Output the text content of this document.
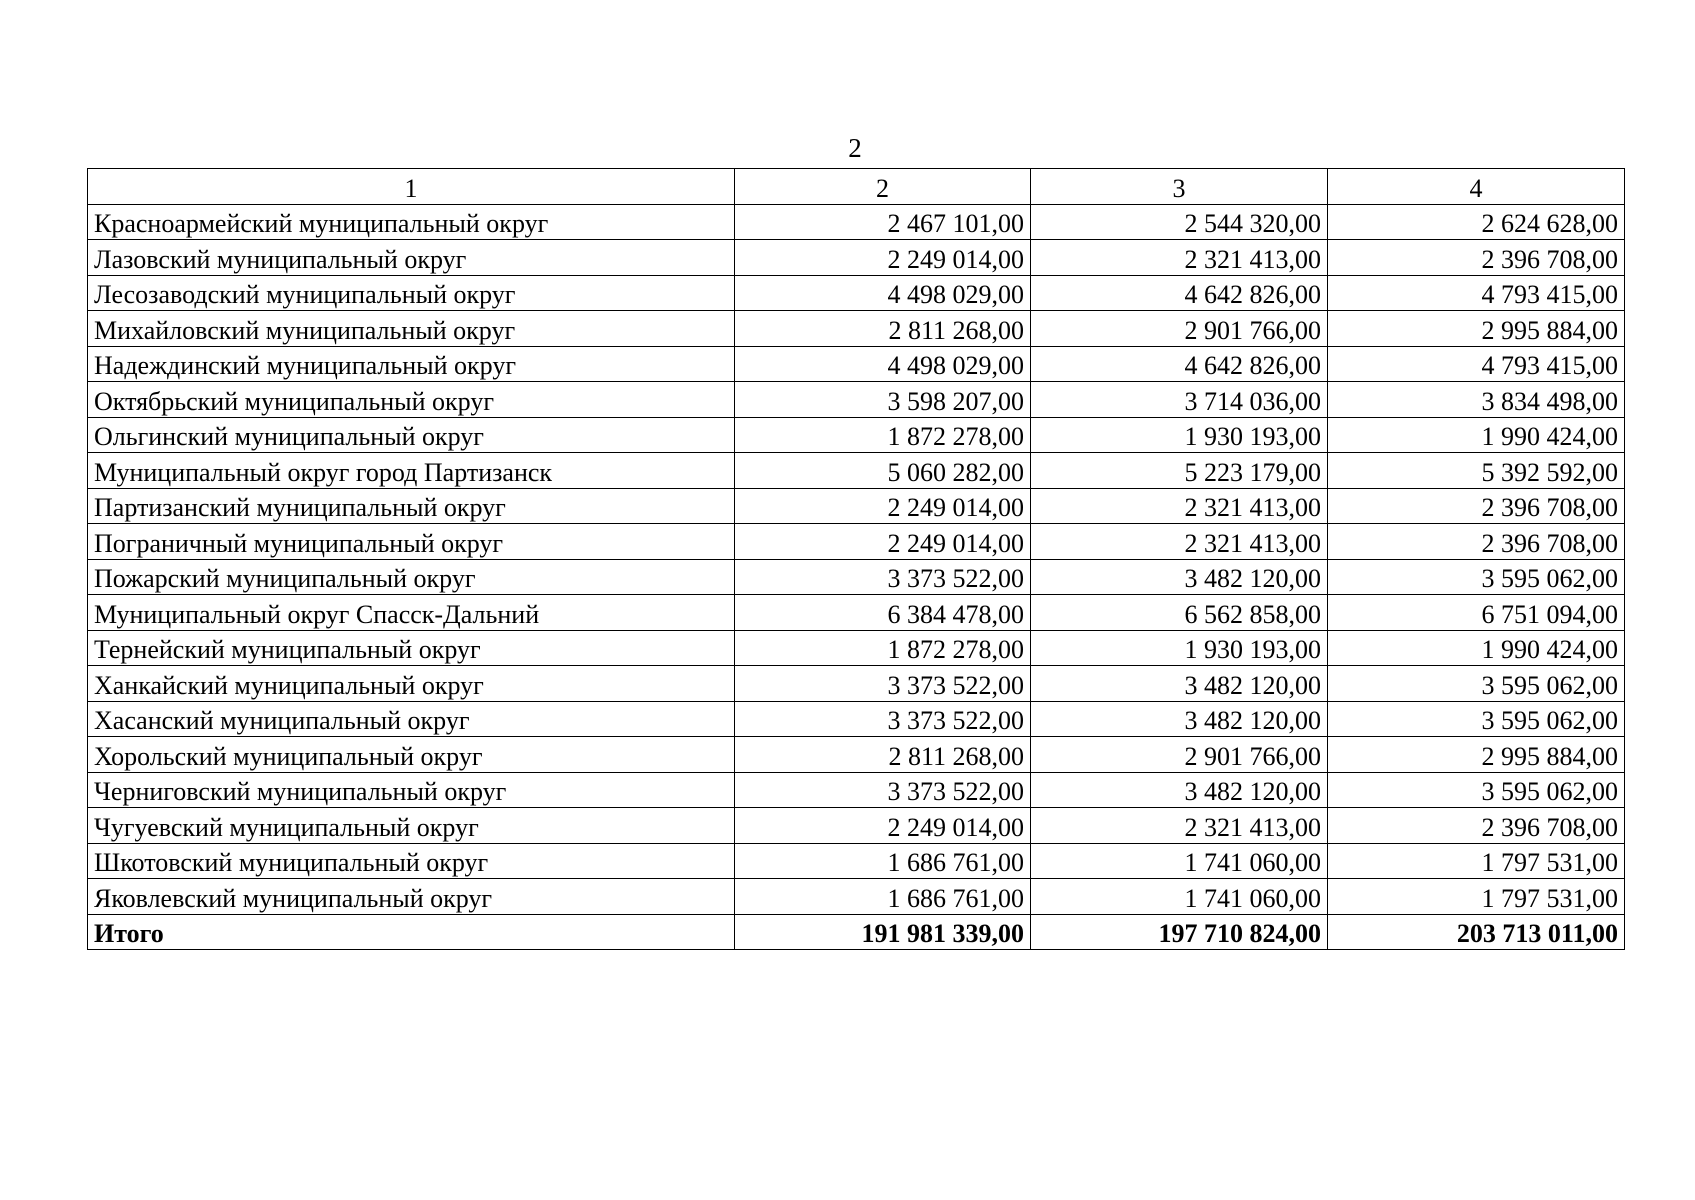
2
1	2	3	4
Красноармейский муниципальный округ	2 467 101,00	2 544 320,00	2 624 628,00
Лазовский муниципальный округ	2 249 014,00	2 321 413,00	2 396 708,00
Лесозаводский муниципальный округ	4 498 029,00	4 642 826,00	4 793 415,00
Михайловский муниципальный округ	2 811 268,00	2 901 766,00	2 995 884,00
Надеждинский муниципальный округ	4 498 029,00	4 642 826,00	4 793 415,00
Октябрьский муниципальный округ	3 598 207,00	3 714 036,00	3 834 498,00
Ольгинский муниципальный округ	1 872 278,00	1 930 193,00	1 990 424,00
Муниципальный округ город Партизанск	5 060 282,00	5 223 179,00	5 392 592,00
Партизанский муниципальный округ	2 249 014,00	2 321 413,00	2 396 708,00
Пограничный муниципальный округ	2 249 014,00	2 321 413,00	2 396 708,00
Пожарский муниципальный округ	3 373 522,00	3 482 120,00	3 595 062,00
Муниципальный округ Спасск-Дальний	6 384 478,00	6 562 858,00	6 751 094,00
Тернейский муниципальный округ	1 872 278,00	1 930 193,00	1 990 424,00
Ханкайский муниципальный округ	3 373 522,00	3 482 120,00	3 595 062,00
Хасанский муниципальный округ	3 373 522,00	3 482 120,00	3 595 062,00
Хорольский муниципальный округ	2 811 268,00	2 901 766,00	2 995 884,00
Черниговский муниципальный округ	3 373 522,00	3 482 120,00	3 595 062,00
Чугуевский муниципальный округ	2 249 014,00	2 321 413,00	2 396 708,00
Шкотовский муниципальный округ	1 686 761,00	1 741 060,00	1 797 531,00
Яковлевский муниципальный округ	1 686 761,00	1 741 060,00	1 797 531,00
Итого	191 981 339,00	197 710 824,00	203 713 011,00
